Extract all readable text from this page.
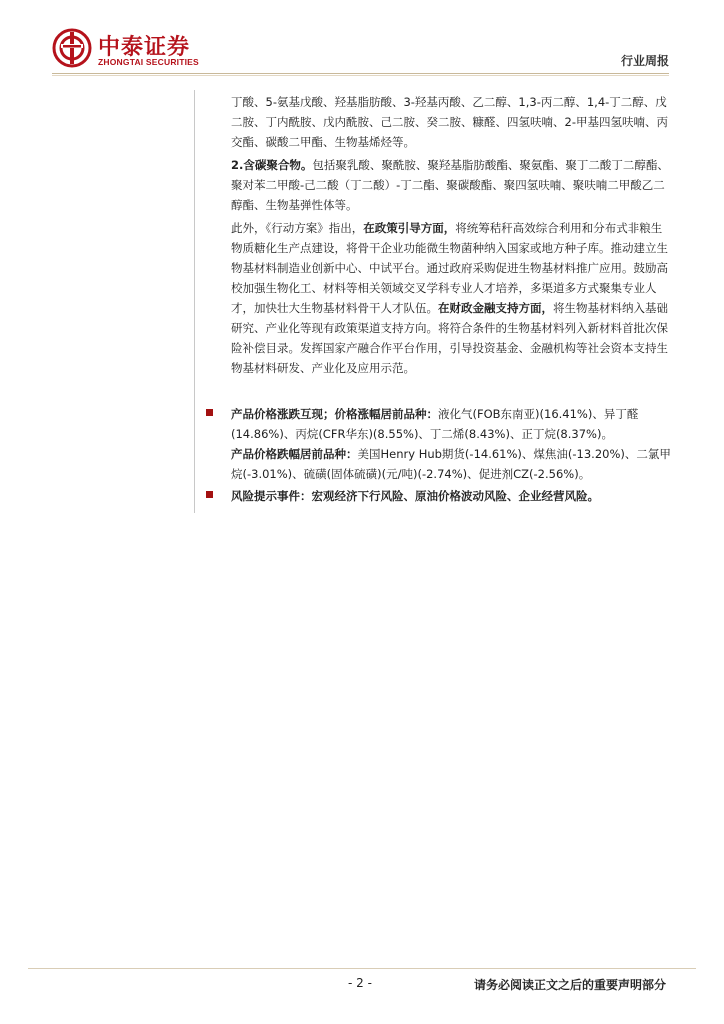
中泰证券
ZHONGTAI SECURITIES	行业周报
丁酸、5-氨基戊酸、羟基脂肪酸、3-羟基丙酸、乙二醇、1,3-丙二醇、1,4-丁二醇、戊二胺、丁内酰胺、戊内酰胺、己二胺、癸二胺、糠醛、四氢呋喃、2-甲基四氢呋喃、丙交酯、碳酸二甲酯、生物基烯烃等。
2.含碳聚合物。包括聚乳酸、聚酰胺、聚羟基脂肪酸酯、聚氨酯、聚丁二酸丁二醇酯、聚对苯二甲酸-己二酸（丁二酸）-丁二酯、聚碳酸酯、聚四氢呋喃、聚呋喃二甲酸乙二醇酯、生物基弹性体等。
此外，《行动方案》指出，在政策引导方面，将统筹秸秆高效综合利用和分布式非粮生物质糖化生产点建设，将骨干企业功能微生物菌种纳入国家或地方种子库。推动建立生物基材料制造业创新中心、中试平台。通过政府采购促进生物基材料推广应用。鼓励高校加强生物化工、材料等相关领域交叉学科专业人才培养，多渠道多方式聚集专业人才，加快壮大生物基材料骨干人才队伍。在财政金融支持方面，将生物基材料纳入基础研究、产业化等现有政策渠道支持方向。将符合条件的生物基材料列入新材料首批次保险补偿目录。发挥国家产融合作平台作用，引导投资基金、金融机构等社会资本支持生物基材料研发、产业化及应用示范。
产品价格涨跌互现；价格涨幅居前品种：液化气(FOB东南亚)(16.41%)、异丁醛(14.86%)、丙烷(CFR华东)(8.55%)、丁二烯(8.43%)、正丁烷(8.37%)。
产品价格跌幅居前品种：美国Henry Hub期货(-14.61%)、煤焦油(-13.20%)、二氯甲烷(-3.01%)、硫磺(固体硫磺)(元/吨)(-2.74%)、促进剂CZ(-2.56%)。
风险提示事件：宏观经济下行风险、原油价格波动风险、企业经营风险。
- 2 -	请务必阅读正文之后的重要声明部分
